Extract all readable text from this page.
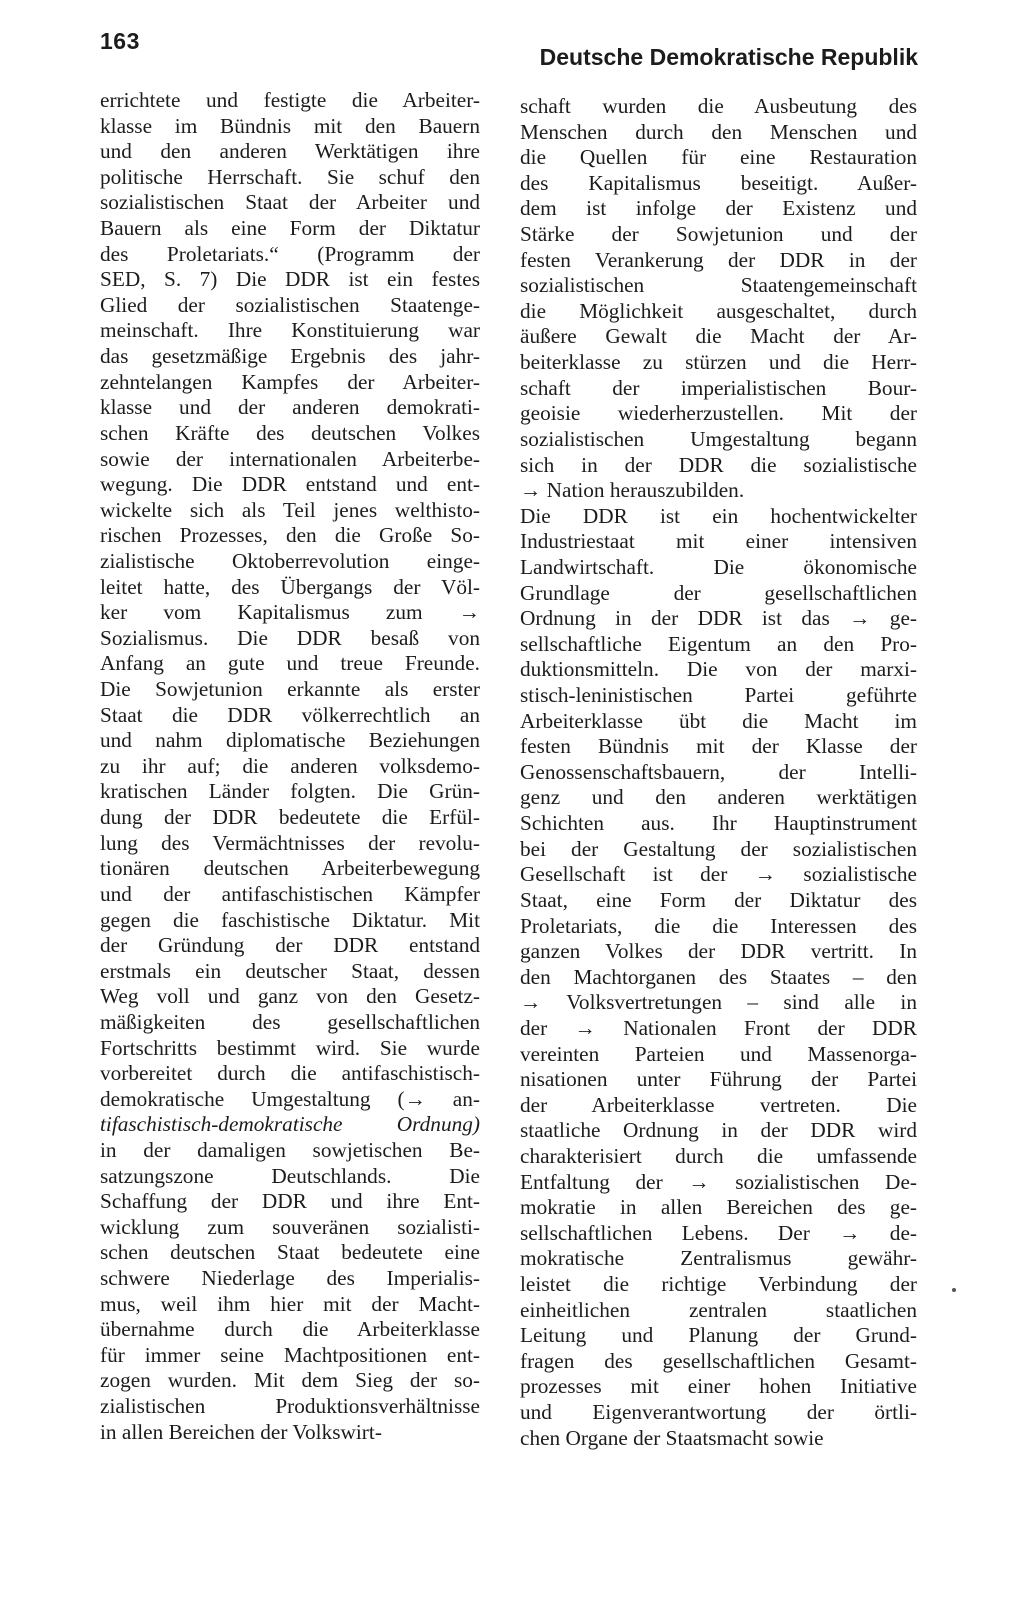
163
Deutsche Demokratische Republik
errichtete und festigte die Arbeiter-
klasse im Bündnis mit den Bauern
und den anderen Werktätigen ihre
politische Herrschaft. Sie schuf den
sozialistischen Staat der Arbeiter und
Bauern als eine Form der Diktatur
des Proletariats.“ (Programm der
SED, S. 7) Die DDR ist ein festes
Glied der sozialistischen Staatenge-
meinschaft. Ihre Konstituierung war
das gesetzmäßige Ergebnis des jahr-
zehntelangen Kampfes der Arbeiter-
klasse und der anderen demokrati-
schen Kräfte des deutschen Volkes
sowie der internationalen Arbeiterbe-
wegung. Die DDR entstand und ent-
wickelte sich als Teil jenes welthisto-
rischen Prozesses, den die Große So-
zialistische Oktoberrevolution einge-
leitet hatte, des Übergangs der Völ-
ker vom Kapitalismus zum →
Sozialismus. Die DDR besaß von
Anfang an gute und treue Freunde.
Die Sowjetunion erkannte als erster
Staat die DDR völkerrechtlich an
und nahm diplomatische Beziehungen
zu ihr auf; die anderen volksdemo-
kratischen Länder folgten. Die Grün-
dung der DDR bedeutete die Erfül-
lung des Vermächtnisses der revolu-
tionären deutschen Arbeiterbewegung
und der antifaschistischen Kämpfer
gegen die faschistische Diktatur. Mit
der Gründung der DDR entstand
erstmals ein deutscher Staat, dessen
Weg voll und ganz von den Gesetz-
mäßigkeiten des gesellschaftlichen
Fortschritts bestimmt wird. Sie wurde
vorbereitet durch die antifaschistisch-
demokratische Umgestaltung (→ an-
tifaschistisch-demokratische Ordnung)
in der damaligen sowjetischen Be-
satzungszone Deutschlands. Die
Schaffung der DDR und ihre Ent-
wicklung zum souveränen sozialisti-
schen deutschen Staat bedeutete eine
schwere Niederlage des Imperialis-
mus, weil ihm hier mit der Macht-
übernahme durch die Arbeiterklasse
für immer seine Machtpositionen ent-
zogen wurden. Mit dem Sieg der so-
zialistischen Produktionsverhältnisse
in allen Bereichen der Volkswirt-
schaft wurden die Ausbeutung des
Menschen durch den Menschen und
die Quellen für eine Restauration
des Kapitalismus beseitigt. Außer-
dem ist infolge der Existenz und
Stärke der Sowjetunion und der
festen Verankerung der DDR in der
sozialistischen Staatengemeinschaft
die Möglichkeit ausgeschaltet, durch
äußere Gewalt die Macht der Ar-
beiterklasse zu stürzen und die Herr-
schaft der imperialistischen Bour-
geoisie wiederherzustellen. Mit der
sozialistischen Umgestaltung begann
sich in der DDR die sozialistische
→ Nation herauszubilden.
Die DDR ist ein hochentwickelter
Industriestaat mit einer intensiven
Landwirtschaft. Die ökonomische
Grundlage der gesellschaftlichen
Ordnung in der DDR ist das → ge-
sellschaftliche Eigentum an den Pro-
duktionsmitteln. Die von der marxi-
stisch-leninistischen Partei geführte
Arbeiterklasse übt die Macht im
festen Bündnis mit der Klasse der
Genossenschaftsbauern, der Intelli-
genz und den anderen werktätigen
Schichten aus. Ihr Hauptinstrument
bei der Gestaltung der sozialistischen
Gesellschaft ist der → sozialistische
Staat, eine Form der Diktatur des
Proletariats, die die Interessen des
ganzen Volkes der DDR vertritt. In
den Machtorganen des Staates – den
→ Volksvertretungen – sind alle in
der → Nationalen Front der DDR
vereinten Parteien und Massenorga-
nisationen unter Führung der Partei
der Arbeiterklasse vertreten. Die
staatliche Ordnung in der DDR wird
charakterisiert durch die umfassende
Entfaltung der → sozialistischen De-
mokratie in allen Bereichen des ge-
sellschaftlichen Lebens. Der → de-
mokratische Zentralismus gewähr-
leistet die richtige Verbindung der
einheitlichen zentralen staatlichen
Leitung und Planung der Grund-
fragen des gesellschaftlichen Gesamt-
prozesses mit einer hohen Initiative
und Eigenverantwortung der örtli-
chen Organe der Staatsmacht sowie
